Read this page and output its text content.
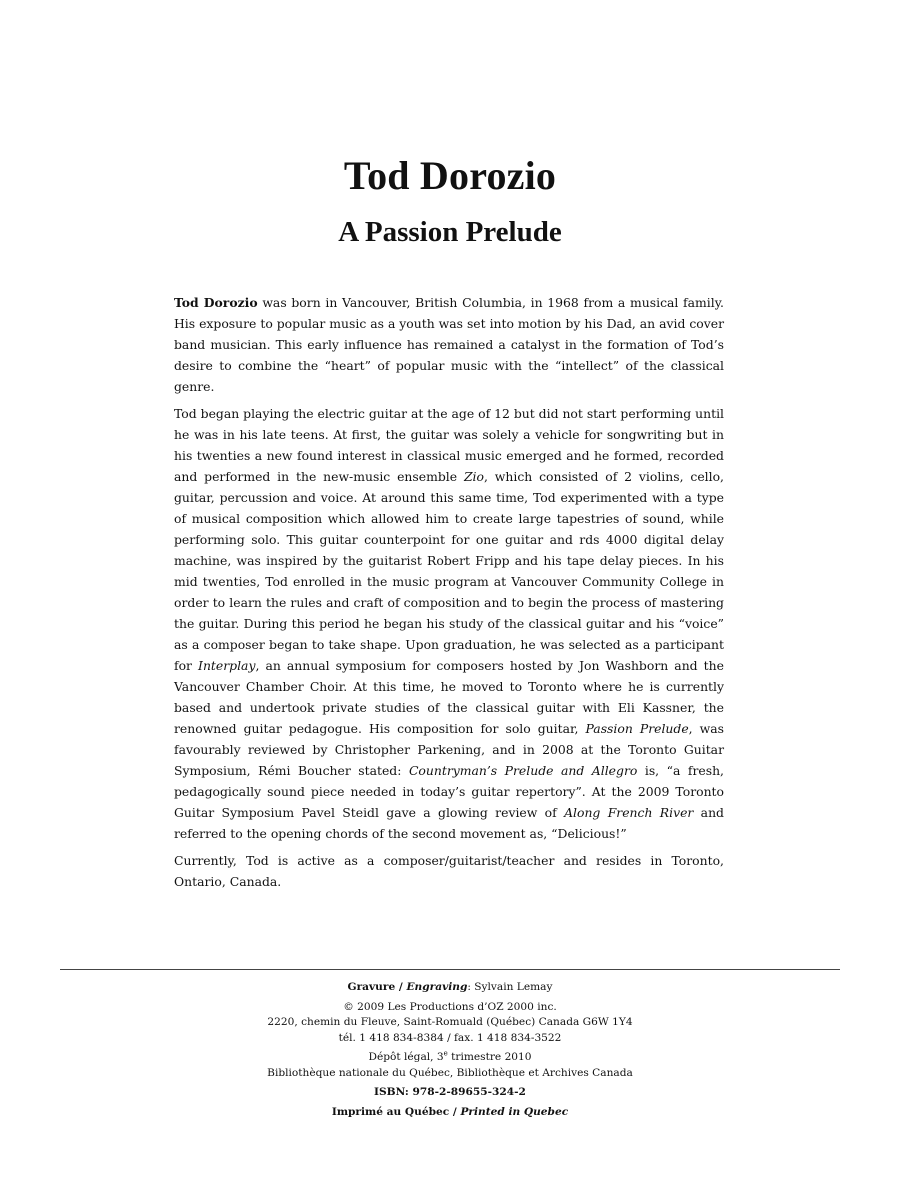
Tod Dorozio
A Passion Prelude

Tod Dorozio was born in Vancouver, British Columbia, in 1968 from a musical family. His exposure to popular music as a youth was set into motion by his Dad, an avid cover band musician. This early influence has remained a catalyst in the formation of Tod’s desire to combine the “heart” of popular music with the “intellect” of the classical genre.

Tod began playing the electric guitar at the age of 12 but did not start performing until he was in his late teens. At first, the guitar was solely a vehicle for songwriting but in his twenties a new found interest in classical music emerged and he formed, recorded and performed in the new-music ensemble Zio, which consisted of 2 violins, cello, guitar, percussion and voice. At around this same time, Tod experimented with a type of musical composition which allowed him to create large tapestries of sound, while performing solo. This guitar counterpoint for one guitar and rds 4000 digital delay machine, was inspired by the guitarist Robert Fripp and his tape delay pieces. In his mid twenties, Tod enrolled in the music program at Vancouver Community College in order to learn the rules and craft of composition and to begin the process of mastering the guitar. During this period he began his study of the classical guitar and his “voice” as a composer began to take shape. Upon graduation, he was selected as a participant for Interplay, an annual symposium for composers hosted by Jon Washborn and the Vancouver Chamber Choir. At this time, he moved to Toronto where he is currently based and undertook private studies of the classical guitar with Eli Kassner, the renowned guitar pedagogue. His composition for solo guitar, Passion Prelude, was favourably reviewed by Christopher Parkening, and in 2008 at the Toronto Guitar Symposium, Rémi Boucher stated: Countryman’s Prelude and Allegro is, “a fresh, pedagogically sound piece needed in today’s guitar repertory”. At the 2009 Toronto Guitar Symposium Pavel Steidl gave a glowing review of Along French River and referred to the opening chords of the second movement as, “Delicious!”

Currently, Tod is active as a composer/guitarist/teacher and resides in Toronto, Ontario, Canada.

Gravure / Engraving: Sylvain Lemay
© 2009 Les Productions d’OZ 2000 inc.
2220, chemin du Fleuve, Saint-Romuald (Québec) Canada G6W 1Y4
tél. 1 418 834-8384 / fax. 1 418 834-3522
Dépôt légal, 3e trimestre 2010
Bibliothèque nationale du Québec, Bibliothèque et Archives Canada
ISBN: 978-2-89655-324-2
Imprimé au Québec / Printed in Quebec
